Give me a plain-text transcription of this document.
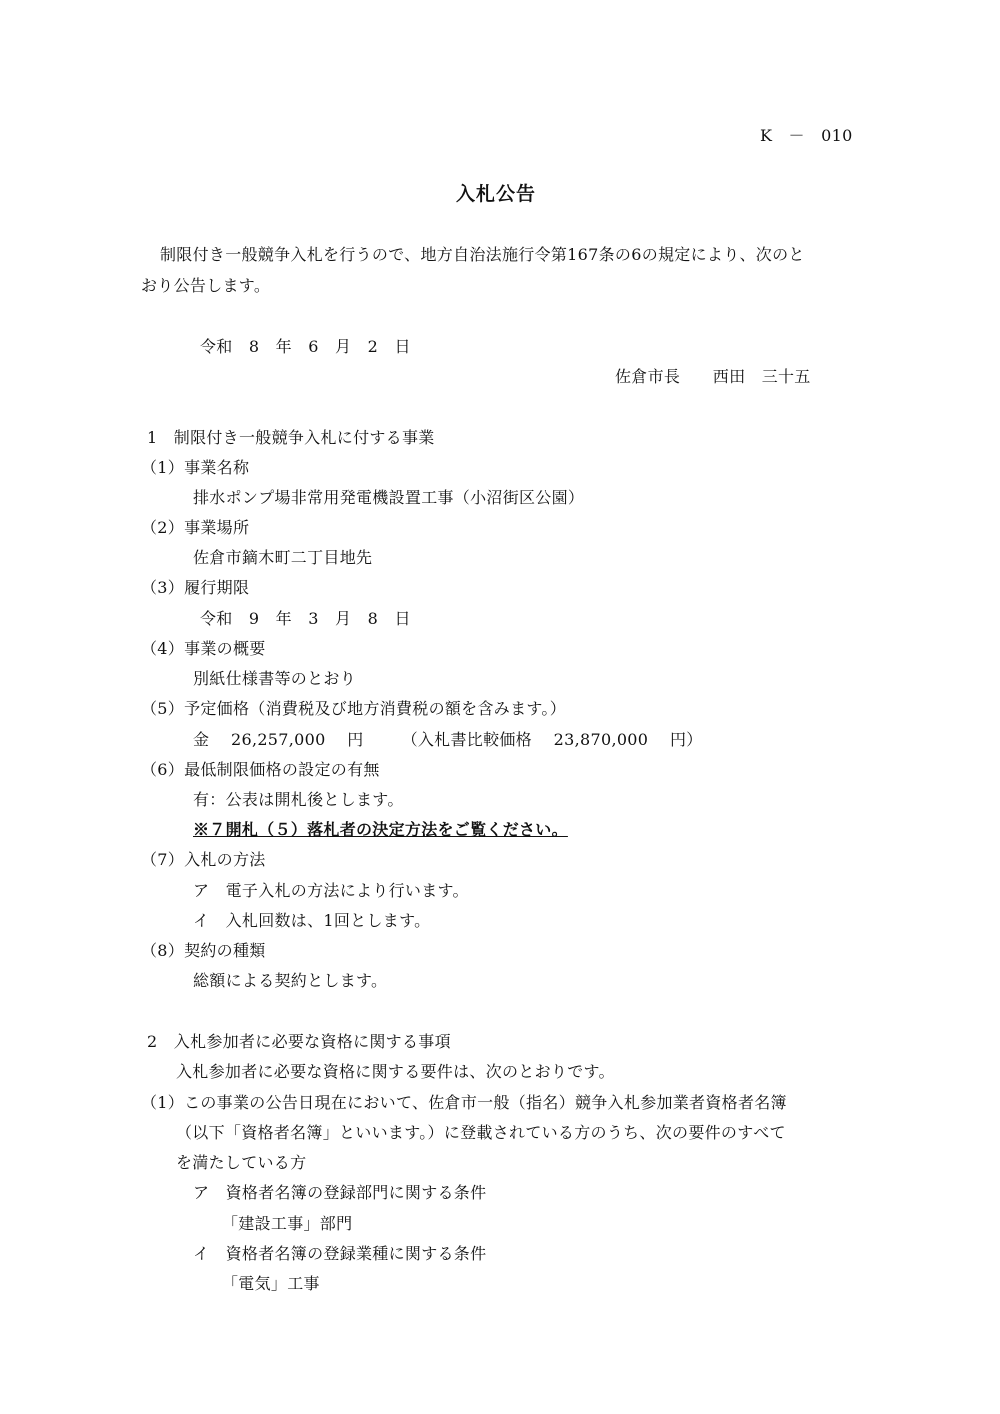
K　－　010
入札公告
制限付き一般競争入札を行うので、地方自治法施行令第167条の6の規定により、次のと
おり公告します。
令和　8　年　6　月　2　日
佐倉市長　　西田　三十五
1　制限付き一般競争入札に付する事業
（1）事業名称
排水ポンプ場非常用発電機設置工事（小沼街区公園）
（2）事業場所
佐倉市鏑木町二丁目地先
（3）履行期限
令和　9　年　3　月　8　日
（4）事業の概要
別紙仕様書等のとおり
（5）予定価格（消費税及び地方消費税の額を含みます。）
金　 26,257,000　 円　　 （入札書比較価格　 23,870,000　 円）
（6）最低制限価格の設定の有無
有：公表は開札後とします。
※７開札（５）落札者の決定方法をご覧ください。
（7）入札の方法
ア　電子入札の方法により行います。
イ　入札回数は、1回とします。
（8）契約の種類
総額による契約とします。
2　入札参加者に必要な資格に関する事項
入札参加者に必要な資格に関する要件は、次のとおりです。
（1）この事業の公告日現在において、佐倉市一般（指名）競争入札参加業者資格者名簿
（以下「資格者名簿」といいます。）に登載されている方のうち、次の要件のすべて
を満たしている方
ア　資格者名簿の登録部門に関する条件
「建設工事」部門
イ　資格者名簿の登録業種に関する条件
「電気」工事
